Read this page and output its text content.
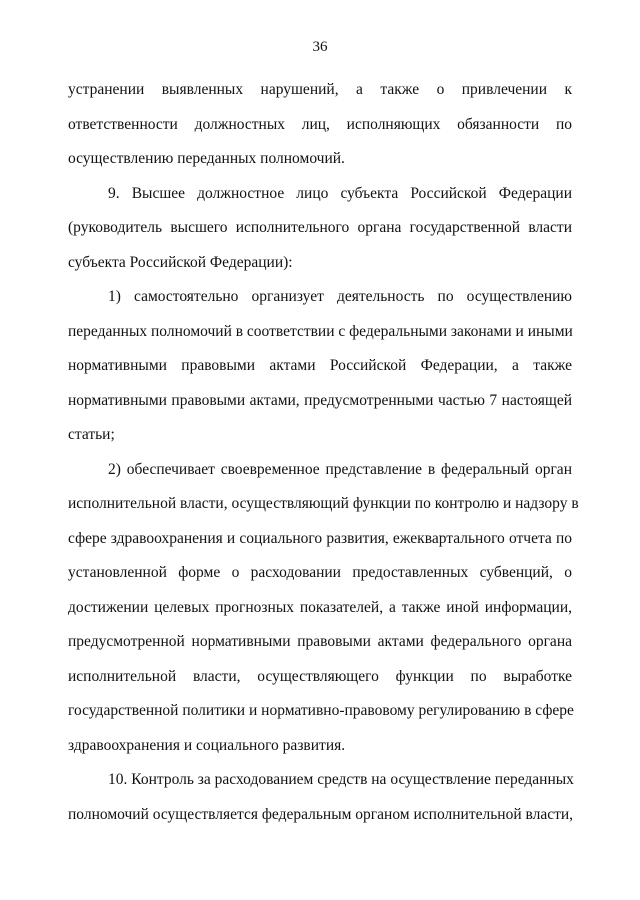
36
устранении выявленных нарушений, а также о привлечении к
ответственности должностных лиц, исполняющих обязанности по
осуществлению переданных полномочий.
9. Высшее должностное лицо субъекта Российской Федерации
(руководитель высшего исполнительного органа государственной власти
субъекта Российской Федерации):
1) самостоятельно организует деятельность по осуществлению
переданных полномочий в соответствии с федеральными законами и иными
нормативными правовыми актами Российской Федерации, а также
нормативными правовыми актами, предусмотренными частью 7 настоящей
статьи;
2) обеспечивает своевременное представление в федеральный орган
исполнительной власти, осуществляющий функции по контролю и надзору в
сфере здравоохранения и социального развития, ежеквартального отчета по
установленной форме о расходовании предоставленных субвенций, о
достижении целевых прогнозных показателей, а также иной информации,
предусмотренной нормативными правовыми актами федерального органа
исполнительной власти, осуществляющего функции по выработке
государственной политики и нормативно-правовому регулированию в сфере
здравоохранения и социального развития.
10. Контроль за расходованием средств на осуществление переданных
полномочий осуществляется федеральным органом исполнительной власти,
